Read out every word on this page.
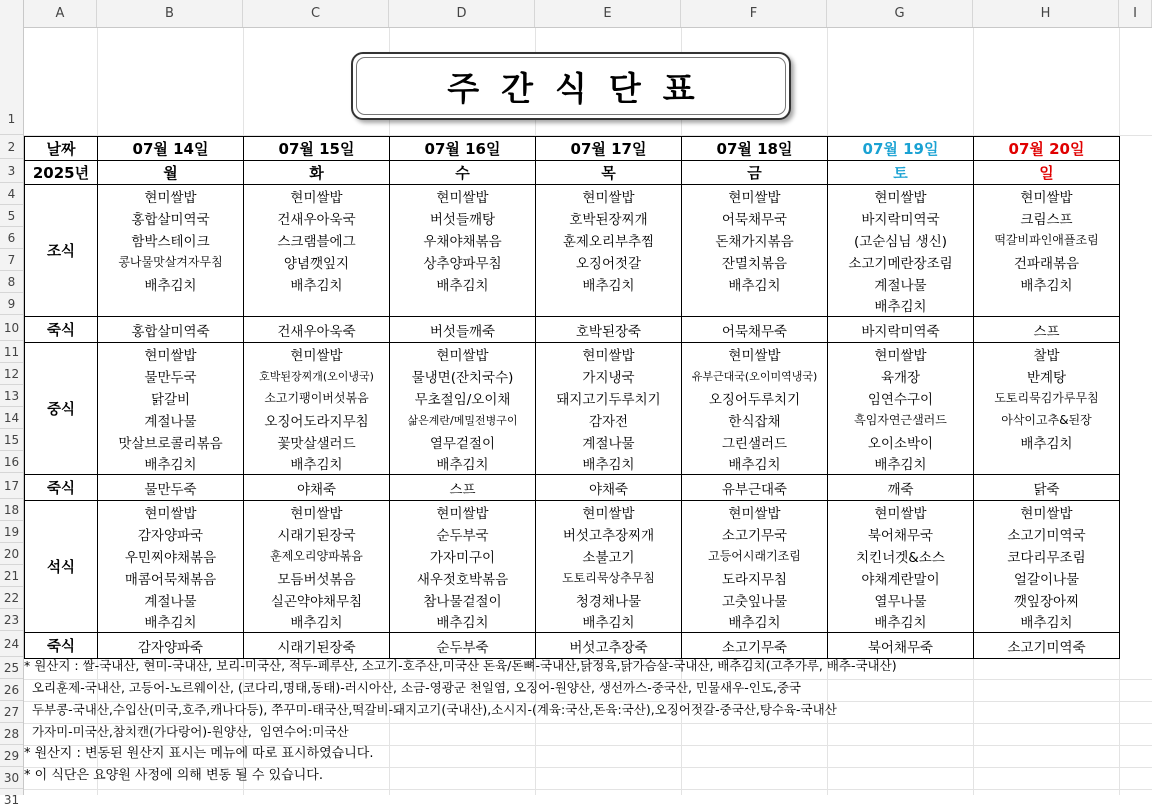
A	B	C	D	E	F	G	H	I
1
2
3
4
5
6
7
8
9
10
11
12
13
14
15
16
17
18
19
20
21
22
23
24
25
26
27
28
29
30
31
주간식단표
날짜	07월 14일	07월 15일	07월 16일	07월 17일	07월 18일	07월 19일	07월 20일
2025년	월	화	수	목	금	토	일
조식	현미쌀밥	현미쌀밥	현미쌀밥	현미쌀밥	현미쌀밥	현미쌀밥	현미쌀밥
	홍합살미역국	건새우아욱국	버섯들깨탕	호박된장찌개	어묵채무국	바지락미역국	크림스프
	함박스테이크	스크램블에그	우채야채볶음	훈제오리부추찜	돈채가지볶음	(고순심님 생신)	떡갈비파인애플조림
	콩나물맛살겨자무침	양념깻잎지	상추양파무침	오징어젓갈	잔멸치볶음	소고기메란장조림	건파래볶음
	배추김치	배추김치	배추김치	배추김치	배추김치	계절나물	배추김치
						배추김치	
죽식	홍합살미역죽	건새우아욱죽	버섯들깨죽	호박된장죽	어묵채무죽	바지락미역죽	스프
중식	현미쌀밥	현미쌀밥	현미쌀밥	현미쌀밥	현미쌀밥	현미쌀밥	찰밥
	물만두국	호박된장찌개(오이냉국)	물냉면(잔치국수)	가지냉국	유부근대국(오이미역냉국)	육개장	반계탕
	닭갈비	소고기팽이버섯볶음	무초절임/오이채	돼지고기두루치기	오징어두루치기	임연수구이	도토리묵김가루무침
	계절나물	오징어도라지무침	삶은계란/메밀전병구이	감자전	한식잡채	흑임자연근샐러드	아삭이고추&된장
	맛살브로콜리볶음	꽃맛살샐러드	열무겉절이	계절나물	그린샐러드	오이소박이	배추김치
	배추김치	배추김치	배추김치	배추김치	배추김치	배추김치	
죽식	물만두죽	야채죽	스프	야채죽	유부근대죽	깨죽	닭죽
석식	현미쌀밥	현미쌀밥	현미쌀밥	현미쌀밥	현미쌀밥	현미쌀밥	현미쌀밥
	감자양파국	시래기된장국	순두부국	버섯고추장찌개	소고기무국	북어채무국	소고기미역국
	우민찌야채볶음	훈제오리양파볶음	가자미구이	소불고기	고등어시래기조림	치킨너겟&소스	코다리무조림
	매콤어묵채볶음	모듬버섯볶음	새우젓호박볶음	도토리묵상추무침	도라지무침	야채계란말이	얼갈이나물
	계절나물	실곤약야채무침	참나물겉절이	청경채나물	고춧잎나물	열무나물	깻잎장아찌
	배추김치	배추김치	배추김치	배추김치	배추김치	배추김치	배추김치
죽식	감자양파죽	시래기된장죽	순두부죽	버섯고추장죽	소고기무죽	북어채무죽	소고기미역죽
* 원산지 : 쌀-국내산, 현미-국내산, 보리-미국산, 적두-페루산, 소고기-호주산,미국산 돈육/돈뼈-국내산,닭정육,닭가슴살-국내산, 배추김치(고추가루, 배추-국내산)
오리훈제-국내산, 고등어-노르웨이산, (코다리,명태,동태)-러시아산, 소금-영광군 천일염, 오징어-원양산, 생선까스-중국산, 민물새우-인도,중국
두부콩-국내산,수입산(미국,호주,캐나다등), 쭈꾸미-태국산,떡갈비-돼지고기(국내산),소시지-(계육:국산,돈육:국산),오징어젓갈-중국산,탕수육-국내산
가자미-미국산,참치캔(가다랑어)-원양산,  임연수어:미국산
* 원산지 : 변동된 원산지 표시는 메뉴에 따로 표시하였습니다.
* 이 식단은 요양원 사정에 의해 변동 될 수 있습니다.
